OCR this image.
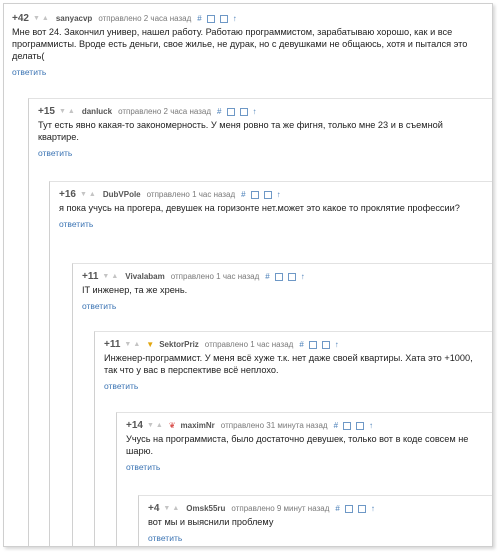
+42 ▼ ▲ sanyacvp отправлено 2 часа назад #	↑
Мне вот 24. Закончил универ, нашел работу. Работаю программистом, зарабатываю хорошо, как и все программисты. Вроде есть деньги, свое жилье, не дурак, но с девушками не общаюсь, хотя и пытался это делать(
ответить
+15 ▼ ▲ danluck отправлено 2 часа назад #	↑
Тут есть явно какая-то закономерность. У меня ровно та же фигня, только мне 23 и в съемной квартире.
ответить
+16 ▼ ▲ DubVPole отправлено 1 час назад #	↑
я пока учусь на прогера, девушек на горизонте нет.может это какое то проклятие профессии?
ответить
+11 ▼ ▲ Vivalabam отправлено 1 час назад #	↑
IT инженер, та же хрень.
ответить
+11 ▼ ▲ ▼ SektorPriz отправлено 1 час назад #	↑
Инженер-программист. У меня всё хуже т.к. нет даже своей квартиры. Хата это +1000, так что у вас в перспективе всё неплохо.
ответить
+14 ▼ ▲ ❦ maximNr отправлено 31 минута назад #	↑
Учусь на программиста, было достаточно девушек, только вот в коде совсем не шарю.
ответить
+4 ▼ ▲ Omsk55ru отправлено 9 минут назад #	↑
вот мы и выяснили проблему
ответить
